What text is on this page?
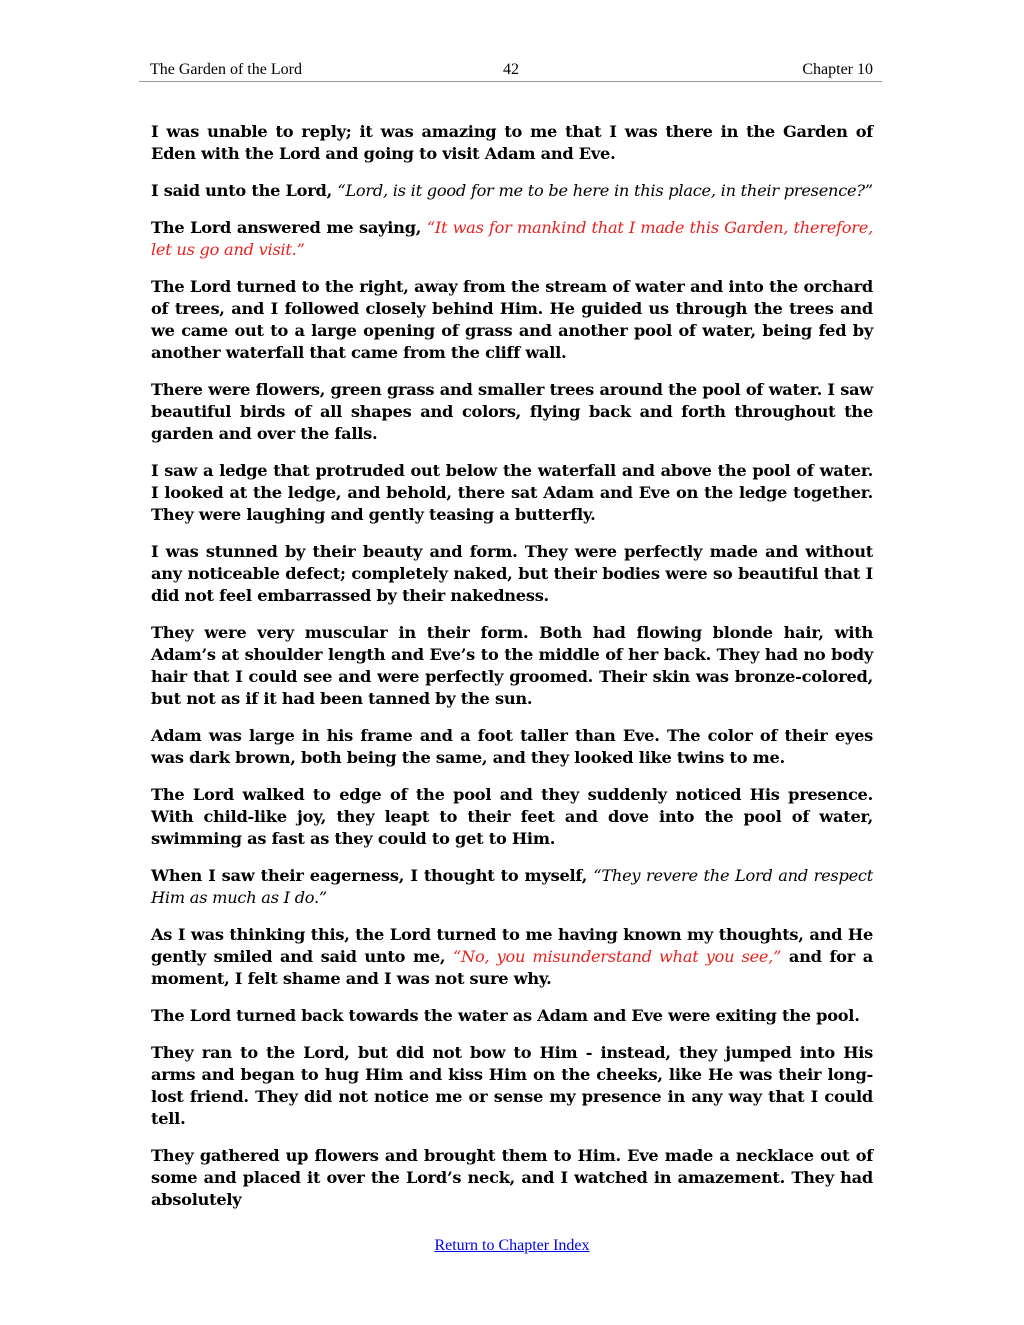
The Garden of the Lord	42	Chapter 10

I was unable to reply; it was amazing to me that I was there in the Garden of Eden with the Lord and going to visit Adam and Eve.

I said unto the Lord, “Lord, is it good for me to be here in this place, in their presence?”

The Lord answered me saying, “It was for mankind that I made this Garden, therefore, let us go and visit.”

The Lord turned to the right, away from the stream of water and into the orchard of trees, and I followed closely behind Him. He guided us through the trees and we came out to a large opening of grass and another pool of water, being fed by another waterfall that came from the cliff wall.

There were flowers, green grass and smaller trees around the pool of water. I saw beautiful birds of all shapes and colors, flying back and forth throughout the garden and over the falls.

I saw a ledge that protruded out below the waterfall and above the pool of water. I looked at the ledge, and behold, there sat Adam and Eve on the ledge together. They were laughing and gently teasing a butterfly.

I was stunned by their beauty and form. They were perfectly made and without any noticeable defect; completely naked, but their bodies were so beautiful that I did not feel embarrassed by their nakedness.

They were very muscular in their form. Both had flowing blonde hair, with Adam’s at shoulder length and Eve’s to the middle of her back. They had no body hair that I could see and were perfectly groomed. Their skin was bronze-colored, but not as if it had been tanned by the sun.

Adam was large in his frame and a foot taller than Eve. The color of their eyes was dark brown, both being the same, and they looked like twins to me.

The Lord walked to edge of the pool and they suddenly noticed His presence. With child-like joy, they leapt to their feet and dove into the pool of water, swimming as fast as they could to get to Him.

When I saw their eagerness, I thought to myself, “They revere the Lord and respect Him as much as I do.”

As I was thinking this, the Lord turned to me having known my thoughts, and He gently smiled and said unto me, “No, you misunderstand what you see,” and for a moment, I felt shame and I was not sure why.

The Lord turned back towards the water as Adam and Eve were exiting the pool.

They ran to the Lord, but did not bow to Him - instead, they jumped into His arms and began to hug Him and kiss Him on the cheeks, like He was their long-lost friend. They did not notice me or sense my presence in any way that I could tell.

They gathered up flowers and brought them to Him. Eve made a necklace out of some and placed it over the Lord’s neck, and I watched in amazement. They had absolutely

Return to Chapter Index
